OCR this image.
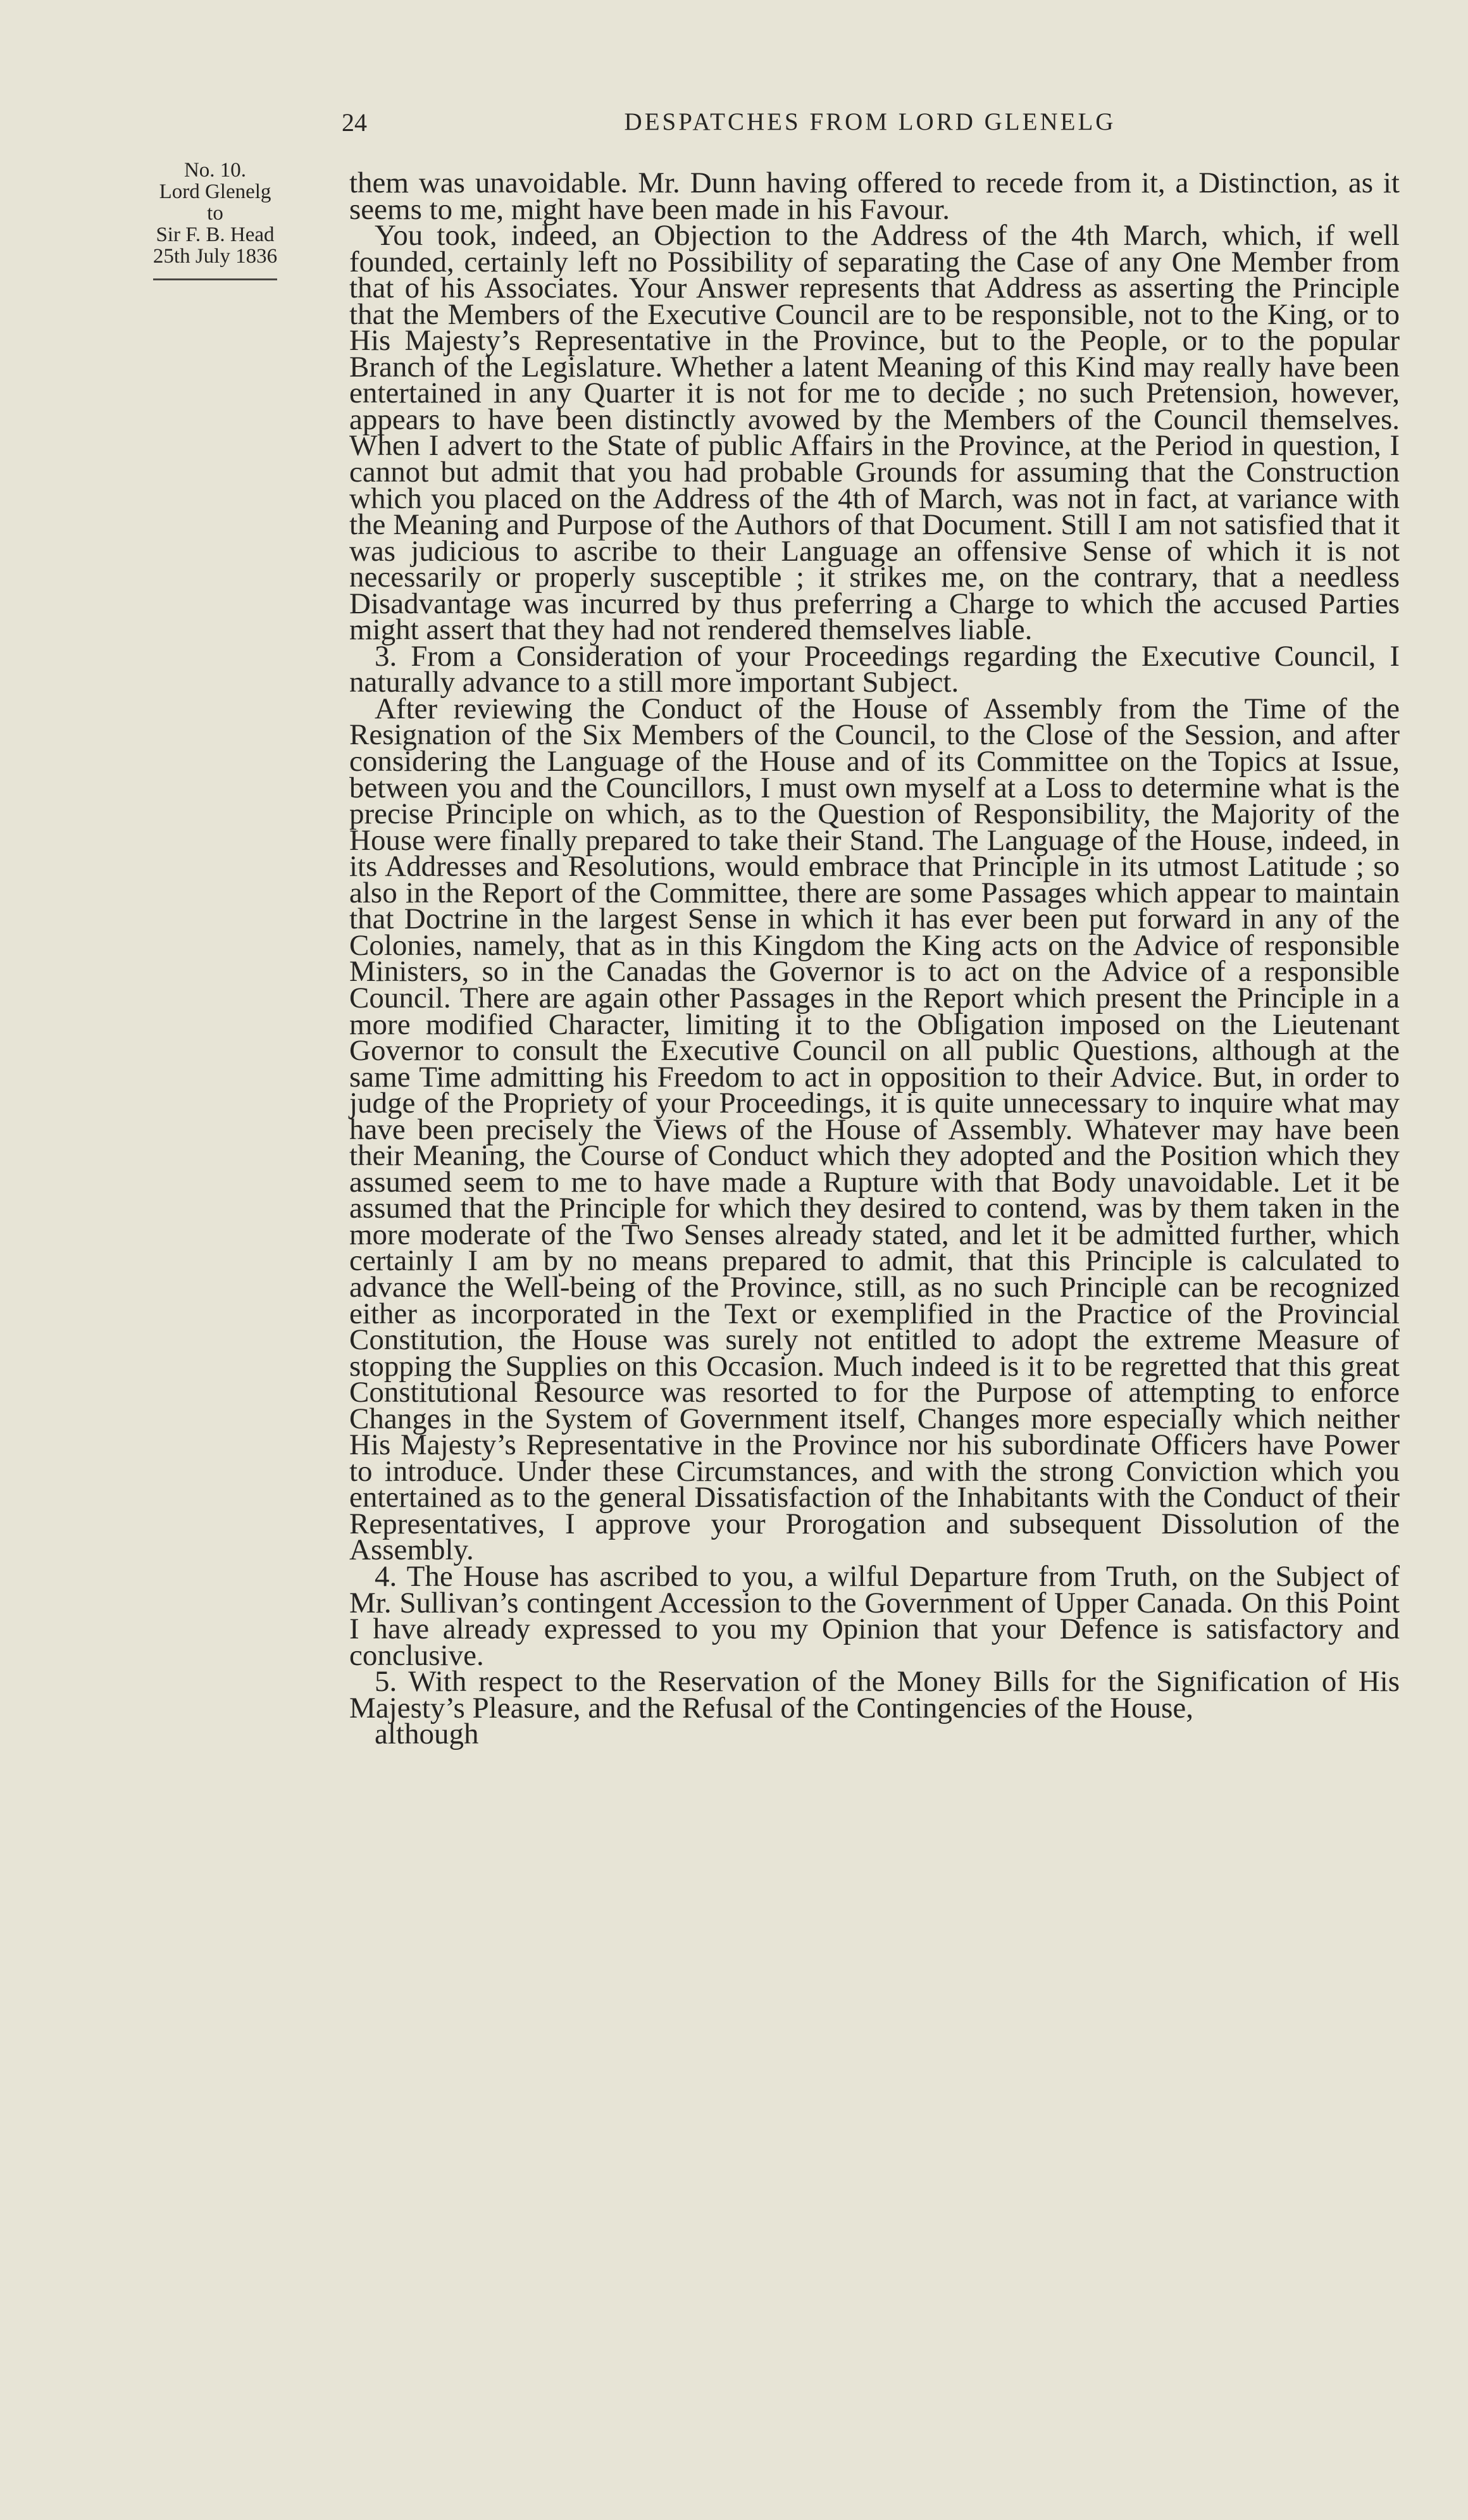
24	DESPATCHES FROM LORD GLENELG
No. 10.
Lord Glenelg
to
Sir F. B. Head
25th July 1836

them was unavoidable. Mr. Dunn having offered to recede from it, a Distinction, as it seems to me, might have been made in his Favour.

You took, indeed, an Objection to the Address of the 4th March, which, if well founded, certainly left no Possibility of separating the Case of any One Member from that of his Associates. Your Answer represents that Address as asserting the Principle that the Members of the Executive Council are to be responsible, not to the King, or to His Majesty’s Representative in the Province, but to the People, or to the popular Branch of the Legislature. Whether a latent Meaning of this Kind may really have been entertained in any Quarter it is not for me to decide ; no such Pretension, however, appears to have been distinctly avowed by the Members of the Council themselves. When I advert to the State of public Affairs in the Province, at the Period in question, I cannot but admit that you had probable Grounds for assuming that the Construction which you placed on the Address of the 4th of March, was not in fact, at variance with the Meaning and Purpose of the Authors of that Document. Still I am not satisfied that it was judicious to ascribe to their Language an offensive Sense of which it is not necessarily or properly susceptible ; it strikes me, on the contrary, that a needless Disadvantage was incurred by thus preferring a Charge to which the accused Parties might assert that they had not rendered themselves liable.

3. From a Consideration of your Proceedings regarding the Executive Council, I naturally advance to a still more important Subject.

After reviewing the Conduct of the House of Assembly from the Time of the Resignation of the Six Members of the Council, to the Close of the Session, and after considering the Language of the House and of its Committee on the Topics at Issue, between you and the Councillors, I must own myself at a Loss to determine what is the precise Principle on which, as to the Question of Responsibility, the Majority of the House were finally prepared to take their Stand. The Language of the House, indeed, in its Addresses and Resolutions, would embrace that Principle in its utmost Latitude ; so also in the Report of the Committee, there are some Passages which appear to maintain that Doctrine in the largest Sense in which it has ever been put forward in any of the Colonies, namely, that as in this Kingdom the King acts on the Advice of responsible Ministers, so in the Canadas the Governor is to act on the Advice of a responsible Council. There are again other Passages in the Report which present the Principle in a more modified Character, limiting it to the Obligation imposed on the Lieutenant Governor to consult the Executive Council on all public Questions, although at the same Time admitting his Freedom to act in opposition to their Advice. But, in order to judge of the Propriety of your Proceedings, it is quite unnecessary to inquire what may have been precisely the Views of the House of Assembly. Whatever may have been their Meaning, the Course of Conduct which they adopted and the Position which they assumed seem to me to have made a Rupture with that Body unavoidable. Let it be assumed that the Principle for which they desired to contend, was by them taken in the more moderate of the Two Senses already stated, and let it be admitted further, which certainly I am by no means prepared to admit, that this Principle is calculated to advance the Well-being of the Province, still, as no such Principle can be recognized either as incorporated in the Text or exemplified in the Practice of the Provincial Constitution, the House was surely not entitled to adopt the extreme Measure of stopping the Supplies on this Occasion. Much indeed is it to be regretted that this great Constitutional Resource was resorted to for the Purpose of attempting to enforce Changes in the System of Government itself, Changes more especially which neither His Majesty’s Representative in the Province nor his subordinate Officers have Power to introduce. Under these Circumstances, and with the strong Conviction which you entertained as to the general Dissatisfaction of the Inhabitants with the Conduct of their Representatives, I approve your Prorogation and subsequent Dissolution of the Assembly.

4. The House has ascribed to you, a wilful Departure from Truth, on the Subject of Mr. Sullivan’s contingent Accession to the Government of Upper Canada. On this Point I have already expressed to you my Opinion that your Defence is satisfactory and conclusive.

5. With respect to the Reservation of the Money Bills for the Signification of His Majesty’s Pleasure, and the Refusal of the Contingencies of the House,

although
